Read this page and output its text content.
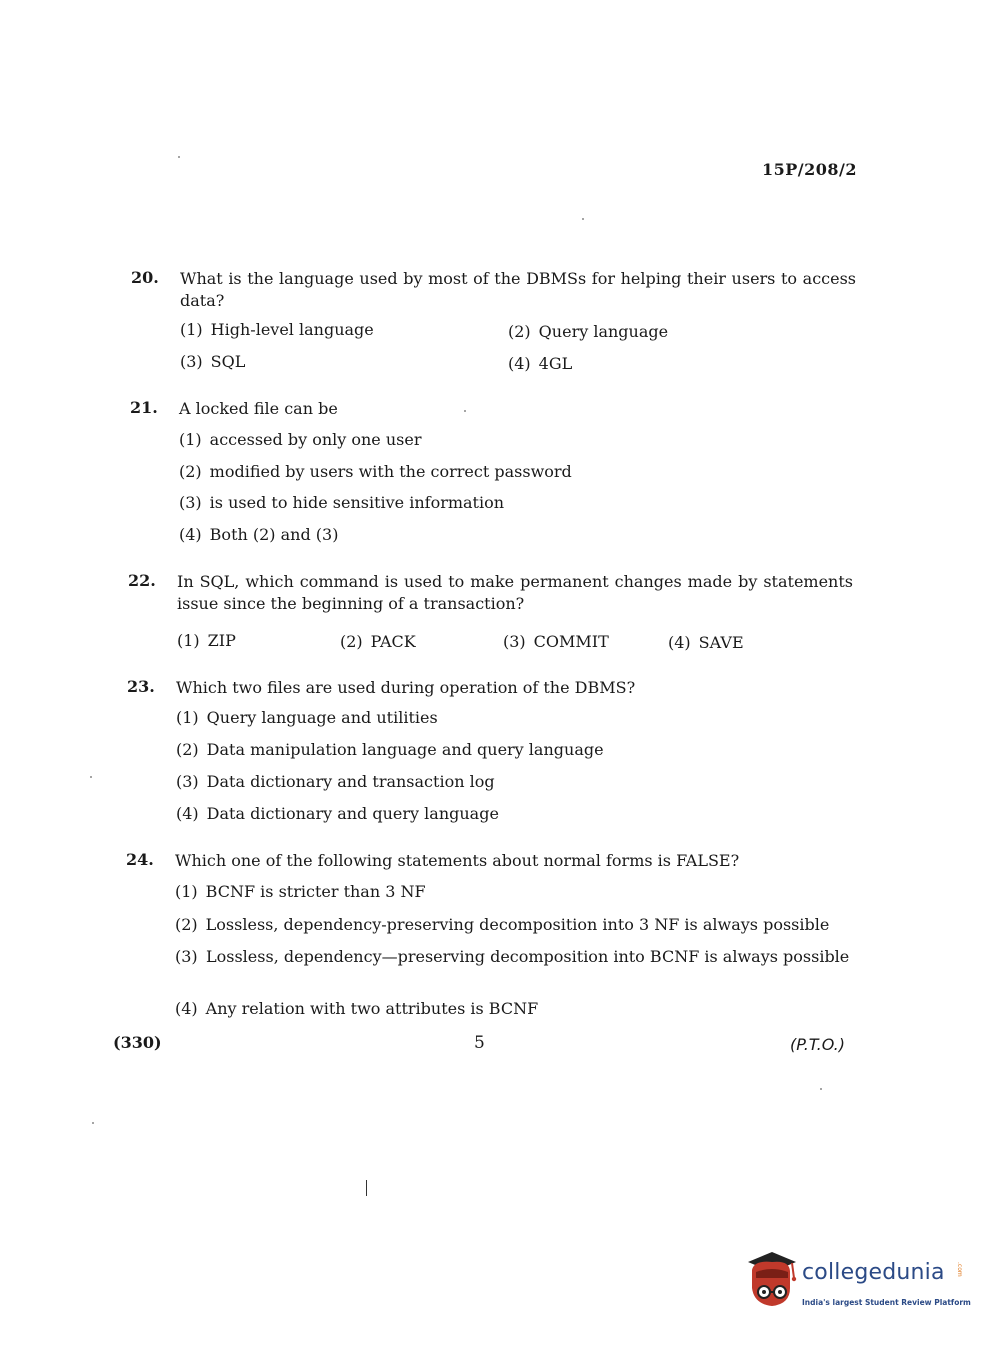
15P/208/2
20. What is the language used by most of the DBMSs for helping their users to access data?
(1) High-level language	(2) Query language
(3) SQL	(4) 4GL
21. A locked file can be
(1) accessed by only one user
(2) modified by users with the correct password
(3) is used to hide sensitive information
(4) Both (2) and (3)
22. In SQL, which command is used to make permanent changes made by statements issue since the beginning of a transaction?
(1) ZIP	(2) PACK	(3) COMMIT	(4) SAVE
23. Which two files are used during operation of the DBMS?
(1) Query language and utilities
(2) Data manipulation language and query language
(3) Data dictionary and transaction log
(4) Data dictionary and query language
24. Which one of the following statements about normal forms is FALSE?
(1) BCNF is stricter than 3 NF
(2) Lossless, dependency-preserving decomposition into 3 NF is always possible
(3) Lossless, dependency—preserving decomposition into BCNF is always possible
(4) Any relation with two attributes is BCNF
(330)	5	(P.T.O.)
collegedunia .com
India's largest Student Review Platform
